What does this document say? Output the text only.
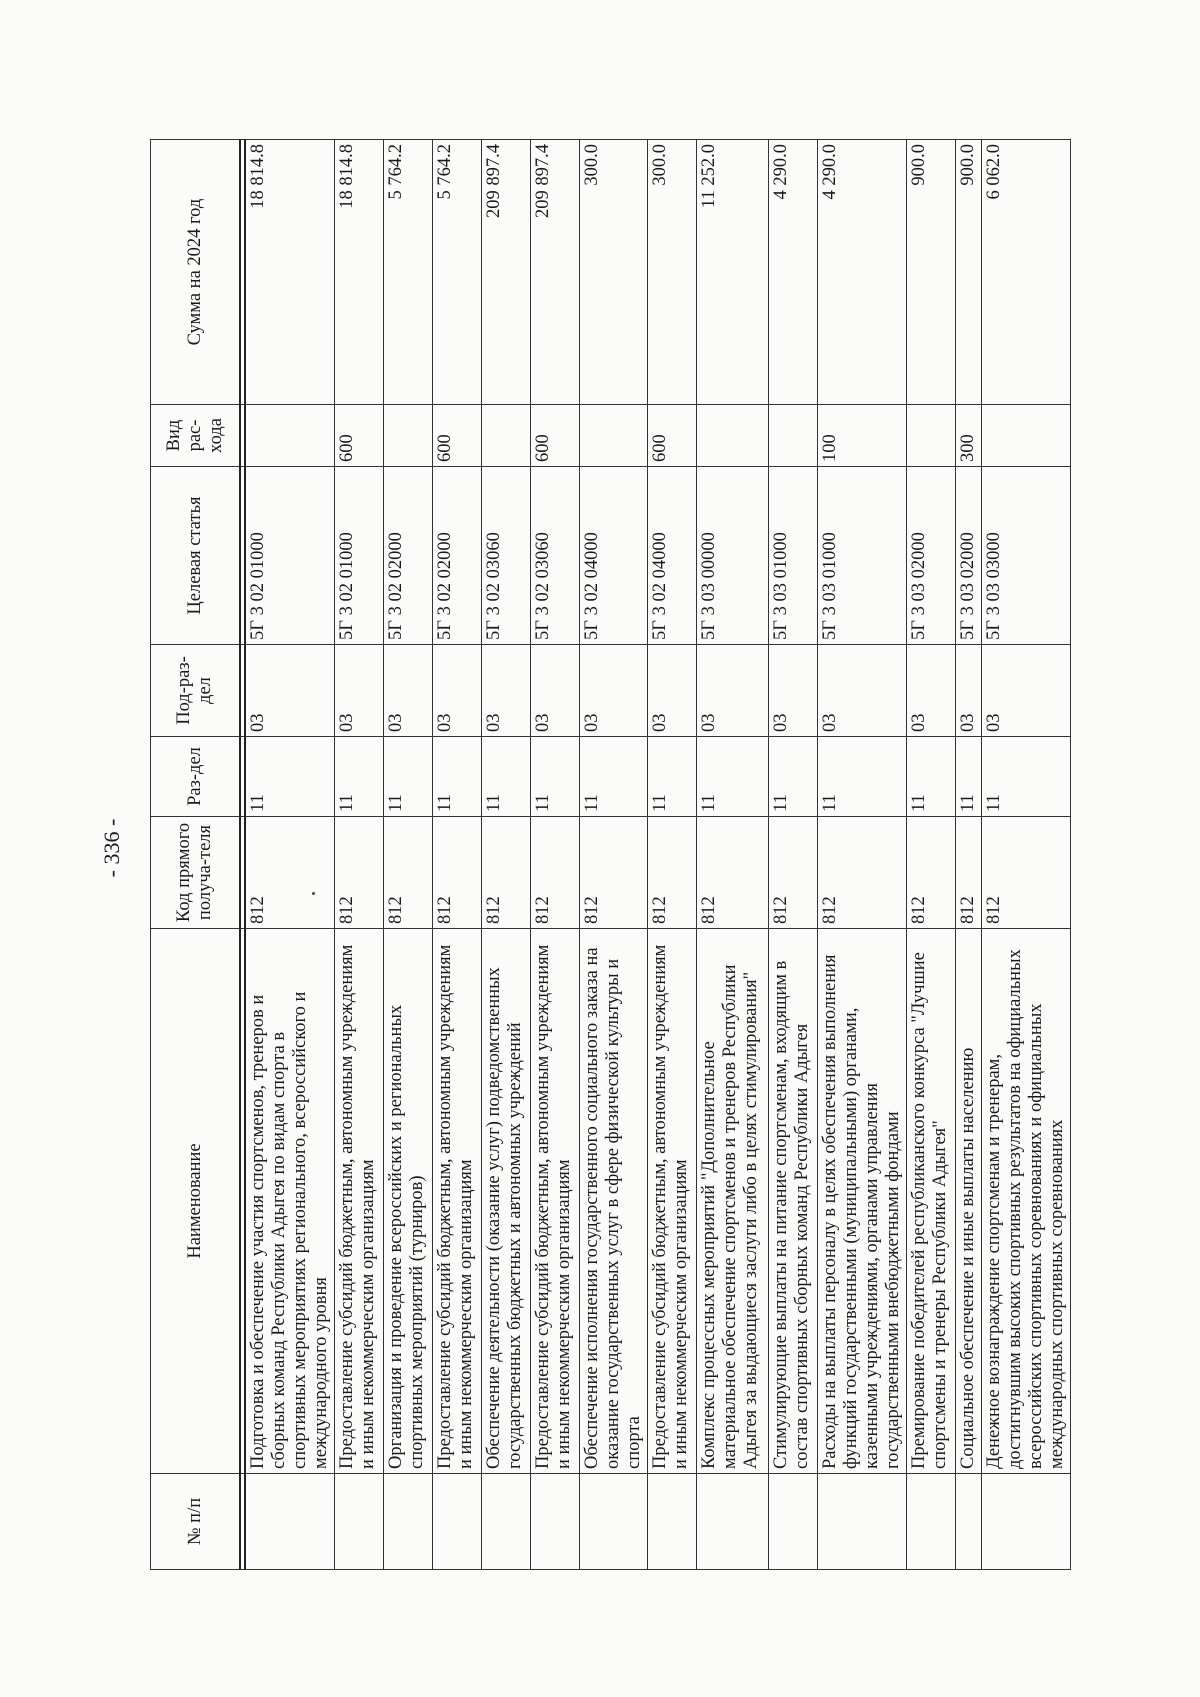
- 336 -
№ п/п	Наименование	Код прямого получа-теля	Раз-дел	Под-раз-дел	Целевая статья	Вид рас-хода	Сумма на 2024 год

	Подготовка и обеспечение участия спортсменов, тренеров и сборных команд Республики Адыгея по видам спорта в спортивных мероприятиях регионального, всероссийского и международного уровня	812	11	03	5Г 3 02 01000		18 814.8
	Предоставление субсидий бюджетным, автономным учреждениям и иным некоммерческим организациям	812	11	03	5Г 3 02 01000	600	18 814.8
	Организация и проведение всероссийских и региональных спортивных мероприятий (турниров)	812	11	03	5Г 3 02 02000		5 764.2
	Предоставление субсидий бюджетным, автономным учреждениям и иным некоммерческим организациям	812	11	03	5Г 3 02 02000	600	5 764.2
	Обеспечение деятельности (оказание услуг) подведомственных государственных бюджетных и автономных учреждений	812	11	03	5Г 3 02 03060		209 897.4
	Предоставление субсидий бюджетным, автономным учреждениям и иным некоммерческим организациям	812	11	03	5Г 3 02 03060	600	209 897.4
	Обеспечение исполнения государственного социального заказа на оказание государственных услуг в сфере физической культуры и спорта	812	11	03	5Г 3 02 04000		300.0
	Предоставление субсидий бюджетным, автономным учреждениям и иным некоммерческим организациям	812	11	03	5Г 3 02 04000	600	300.0
	Комплекс процессных мероприятий "Дополнительное материальное обеспечение спортсменов и тренеров Республики Адыгея за выдающиеся заслуги либо в целях стимулирования"	812	11	03	5Г 3 03 00000		11 252.0
	Стимулирующие выплаты на питание спортсменам, входящим в состав спортивных сборных команд Республики Адыгея	812	11	03	5Г 3 03 01000		4 290.0
	Расходы на выплаты персоналу в целях обеспечения выполнения функций государственными (муниципальными) органами, казенными учреждениями, органами управления государственными внебюджетными фондами	812	11	03	5Г 3 03 01000	100	4 290.0
	Премирование победителей республиканского конкурса "Лучшие спортсмены и тренеры Республики Адыгея"	812	11	03	5Г 3 03 02000		900.0
	Социальное обеспечение и иные выплаты населению	812	11	03	5Г 3 03 02000	300	900.0
	Денежное вознаграждение спортсменам и тренерам, достигнувшим высоких спортивных результатов на официальных всероссийских спортивных соревнованиях и официальных международных спортивных соревнованиях	812	11	03	5Г 3 03 03000		6 062.0
